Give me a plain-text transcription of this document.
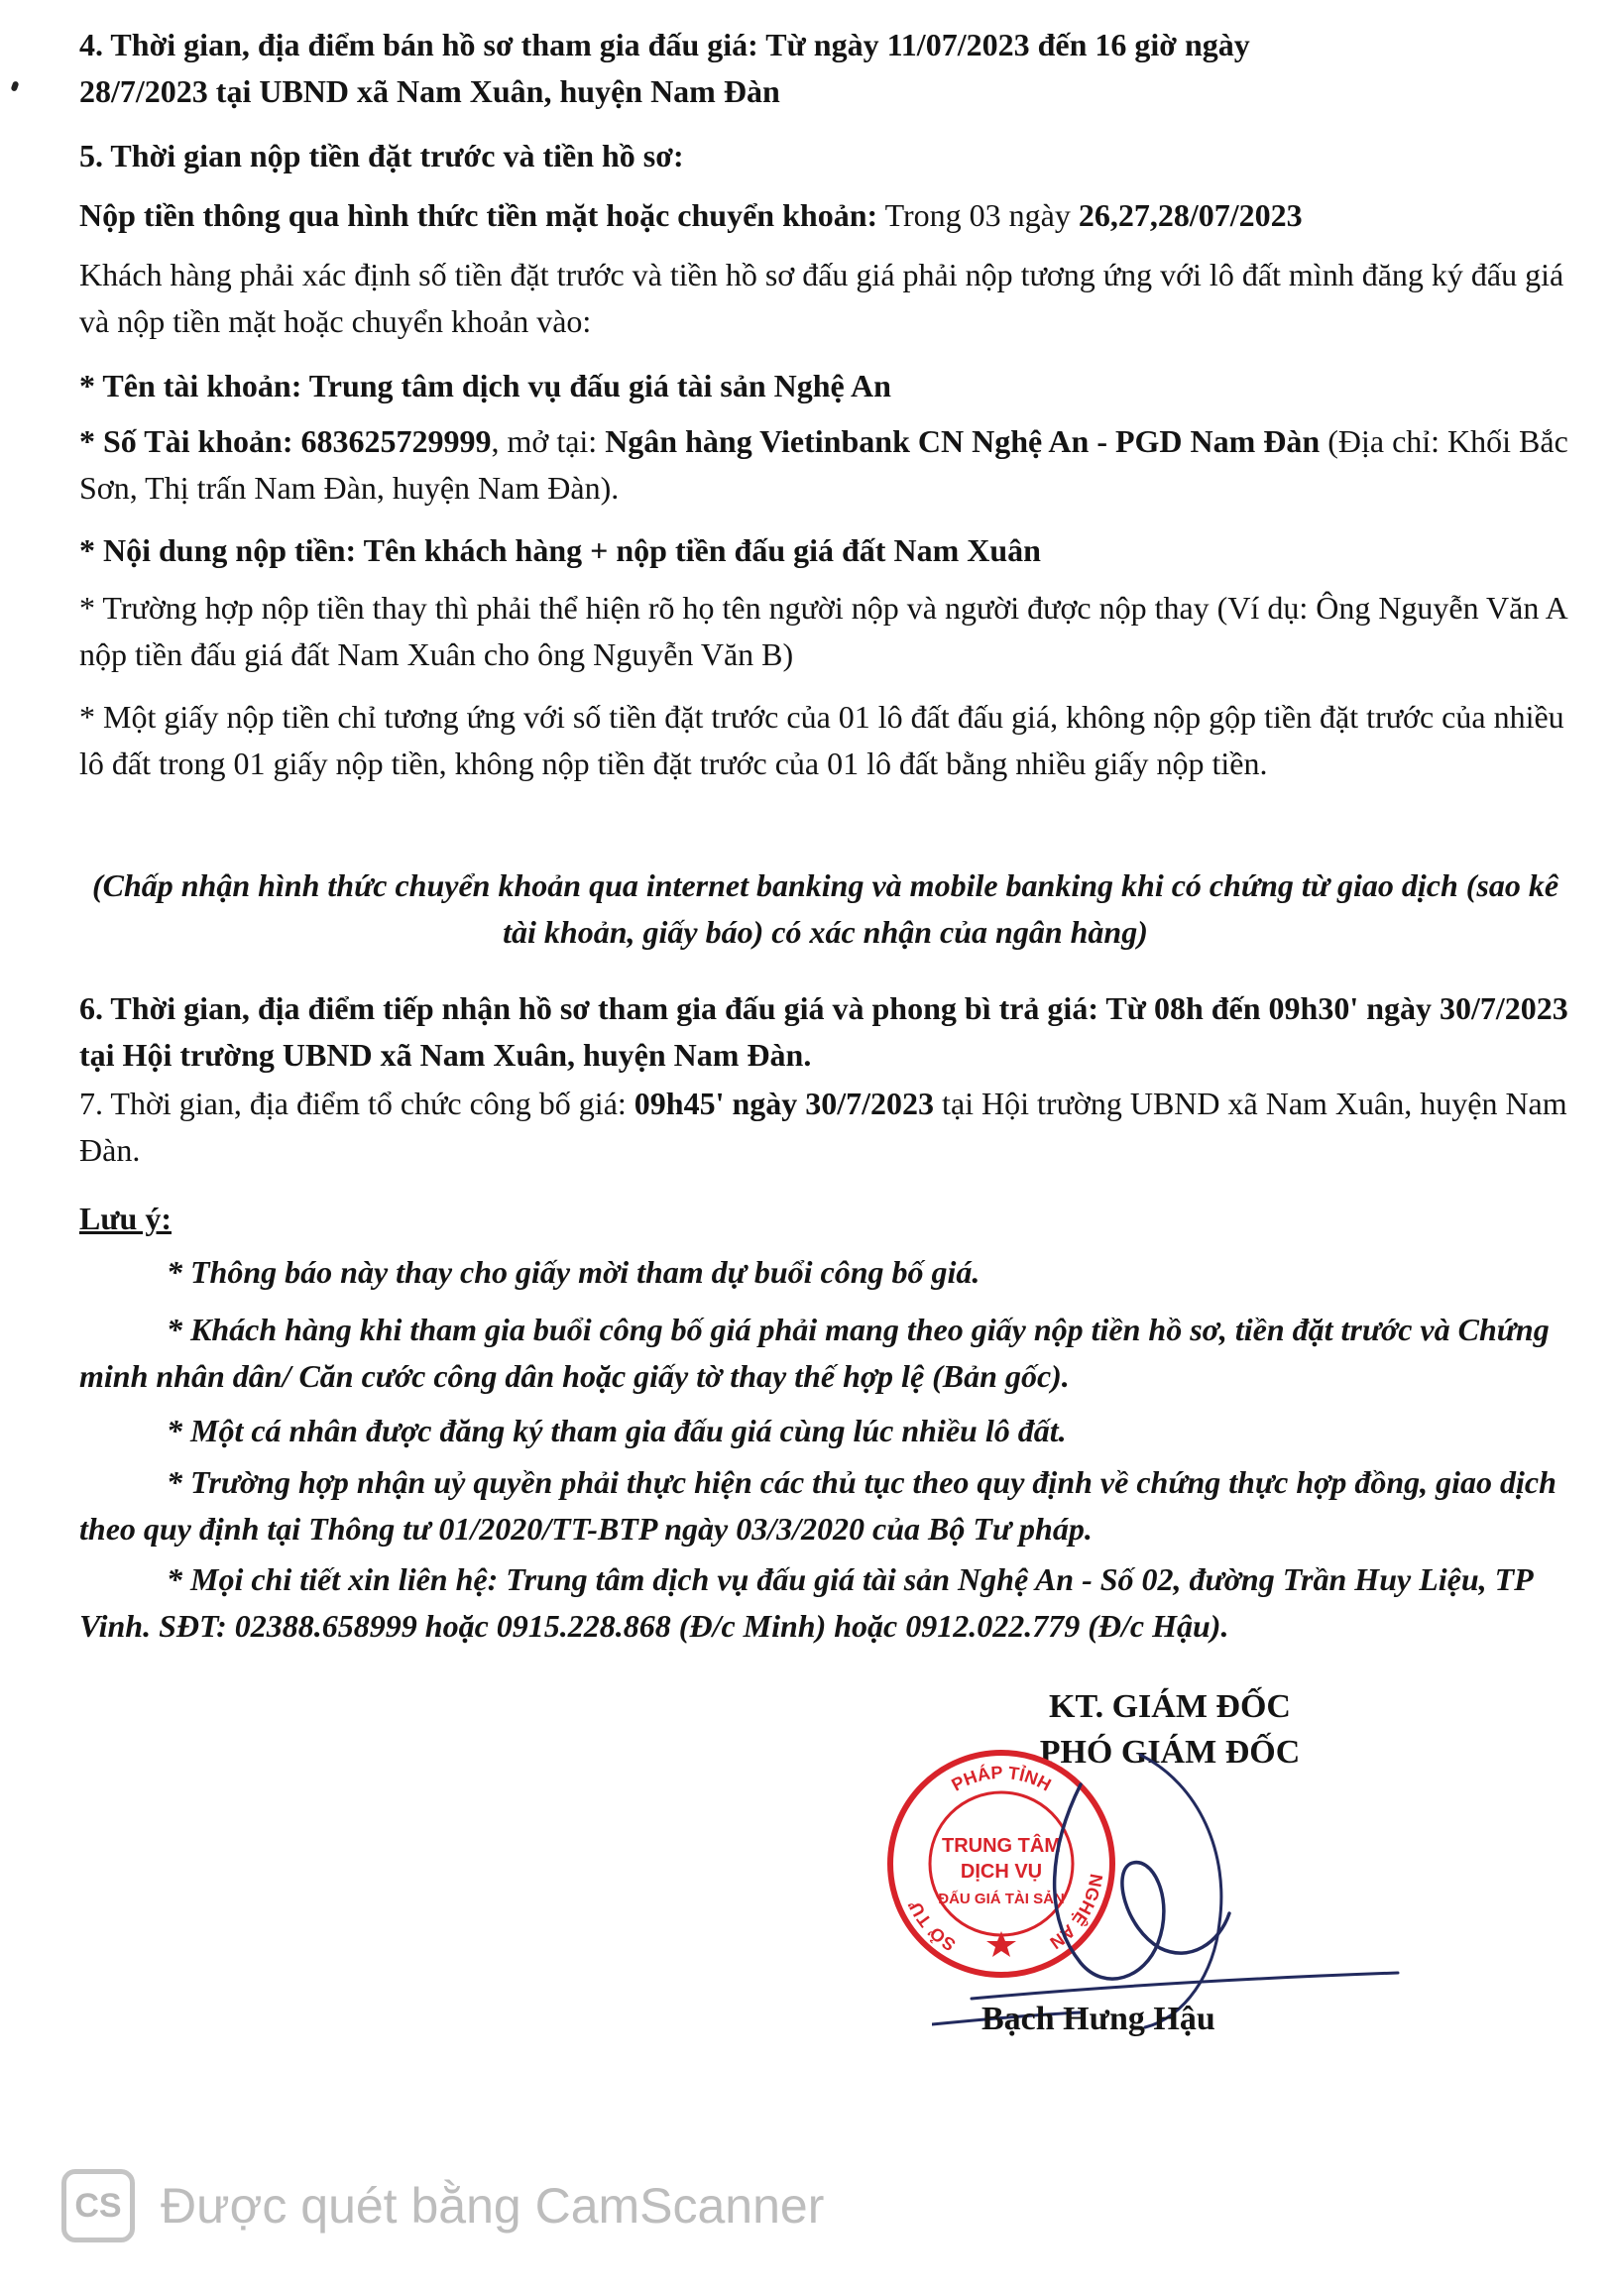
4. Thời gian, địa điểm bán hồ sơ tham gia đấu giá: Từ ngày 11/07/2023 đến 16 giờ ngày
28/7/2023 tại UBND xã Nam Xuân, huyện Nam Đàn

5. Thời gian nộp tiền đặt trước và tiền hồ sơ:

Nộp tiền thông qua hình thức tiền mặt hoặc chuyển khoản: Trong 03 ngày 26,27,28/07/2023

Khách hàng phải xác định số tiền đặt trước và tiền hồ sơ đấu giá phải nộp tương ứng với lô đất mình đăng ký đấu giá và nộp tiền mặt hoặc chuyển khoản vào:

* Tên tài khoản: Trung tâm dịch vụ đấu giá tài sản Nghệ An

* Số Tài khoản: 683625729999, mở tại: Ngân hàng Vietinbank CN Nghệ An - PGD Nam Đàn (Địa chỉ: Khối Bắc Sơn, Thị trấn Nam Đàn, huyện Nam Đàn).

* Nội dung nộp tiền: Tên khách hàng + nộp tiền đấu giá đất Nam Xuân

* Trường hợp nộp tiền thay thì phải thể hiện rõ họ tên người nộp và người được nộp thay (Ví dụ: Ông Nguyễn Văn A nộp tiền đấu giá đất Nam Xuân cho ông Nguyễn Văn B)

* Một giấy nộp tiền chỉ tương ứng với số tiền đặt trước của 01 lô đất đấu giá, không nộp gộp tiền đặt trước của nhiều lô đất trong 01 giấy nộp tiền, không nộp tiền đặt trước của 01 lô đất bằng nhiều giấy nộp tiền.

(Chấp nhận hình thức chuyển khoản qua internet banking và mobile banking khi có chứng từ giao dịch (sao kê tài khoản, giấy báo) có xác nhận của ngân hàng)

6. Thời gian, địa điểm tiếp nhận hồ sơ tham gia đấu giá và phong bì trả giá: Từ 08h đến 09h30' ngày 30/7/2023 tại Hội trường UBND xã Nam Xuân, huyện Nam Đàn.

7. Thời gian, địa điểm tổ chức công bố giá: 09h45' ngày 30/7/2023 tại Hội trường UBND xã Nam Xuân, huyện Nam Đàn.

Lưu ý:

* Thông báo này thay cho giấy mời tham dự buổi công bố giá.

* Khách hàng khi tham gia buổi công bố giá phải mang theo giấy nộp tiền hồ sơ, tiền đặt trước và Chứng minh nhân dân/ Căn cước công dân hoặc giấy tờ thay thế hợp lệ (Bản gốc).

* Một cá nhân được đăng ký tham gia đấu giá cùng lúc nhiều lô đất.

* Trường hợp nhận uỷ quyền phải thực hiện các thủ tục theo quy định về chứng thực hợp đồng, giao dịch theo quy định tại Thông tư 01/2020/TT-BTP ngày 03/3/2020 của Bộ Tư pháp.

* Mọi chi tiết xin liên hệ: Trung tâm dịch vụ đấu giá tài sản Nghệ An - Số 02, đường Trần Huy Liệu, TP Vinh. SĐT: 02388.658999 hoặc 0915.228.868 (Đ/c Minh) hoặc 0912.022.779 (Đ/c Hậu).

KT. GIÁM ĐỐC

PHÓ GIÁM ĐỐC

PHÁP TỈNH
SỞ TƯ
NGHỆ AN
TRUNG TÂM
DỊCH VỤ
ĐẤU GIÁ TÀI SẢN

Bạch Hưng Hậu

CS Được quét bằng CamScanner
